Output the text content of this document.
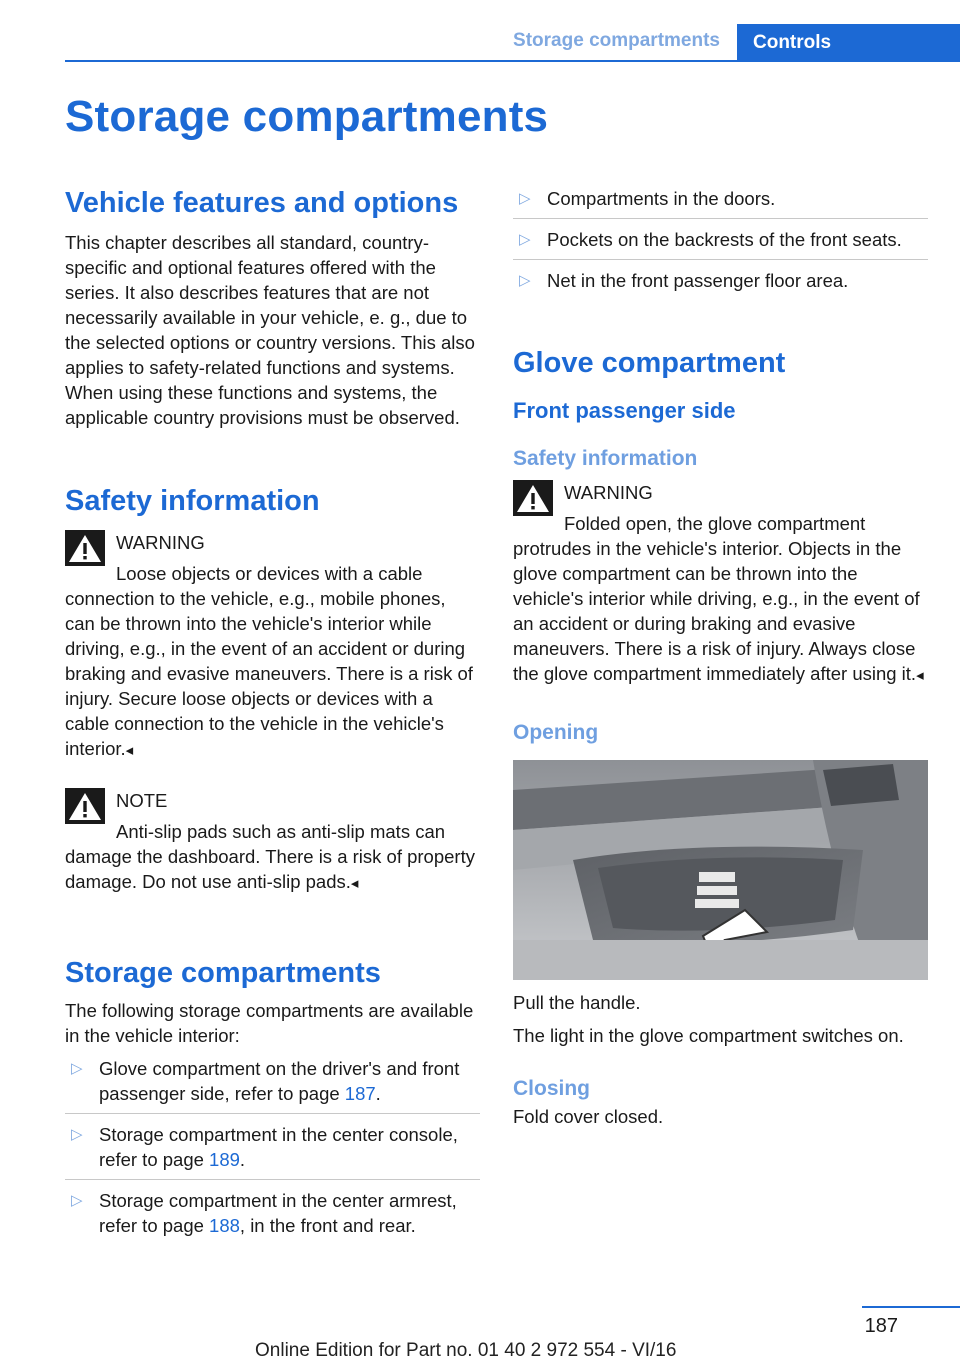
Storage compartments	Controls
Storage compartments
Vehicle features and options

This chapter describes all standard, country-specific and optional features offered with the series. It also describes features that are not necessarily available in your vehicle, e. g., due to the selected options or country versions. This also applies to safety-related functions and systems. When using these functions and systems, the applicable country provisions must be observed.

Safety information

WARNING

Loose objects or devices with a cable

connection to the vehicle, e.g., mobile phones, can be thrown into the vehicle's interior while driving, e.g., in the event of an accident or during braking and evasive maneuvers. There is a risk of injury. Secure loose objects or devices with a cable connection to the vehicle in the vehicle's interior.◂

NOTE

Anti-slip pads such as anti-slip mats can

damage the dashboard. There is a risk of property damage. Do not use anti-slip pads.◂

Storage compartments

The following storage compartments are available in the vehicle interior:

▷ Glove compartment on the driver's and front passenger side, refer to page 187.
▷ Storage compartment in the center console, refer to page 189.
▷ Storage compartment in the center armrest, refer to page 188, in the front and rear.
▷ Compartments in the doors.
▷ Pockets on the backrests of the front seats.
▷ Net in the front passenger floor area.
Glove compartment
Front passenger side
Safety information

WARNING

Folded open, the glove compartment

protrudes in the vehicle's interior. Objects in the glove compartment can be thrown into the vehicle's interior while driving, e.g., in the event of an accident or during braking and evasive maneuvers. There is a risk of injury. Always close the glove compartment immediately after using it.◂

Opening

Pull the handle.

The light in the glove compartment switches on.

Closing

Fold cover closed.

187
Online Edition for Part no. 01 40 2 972 554 - VI/16
